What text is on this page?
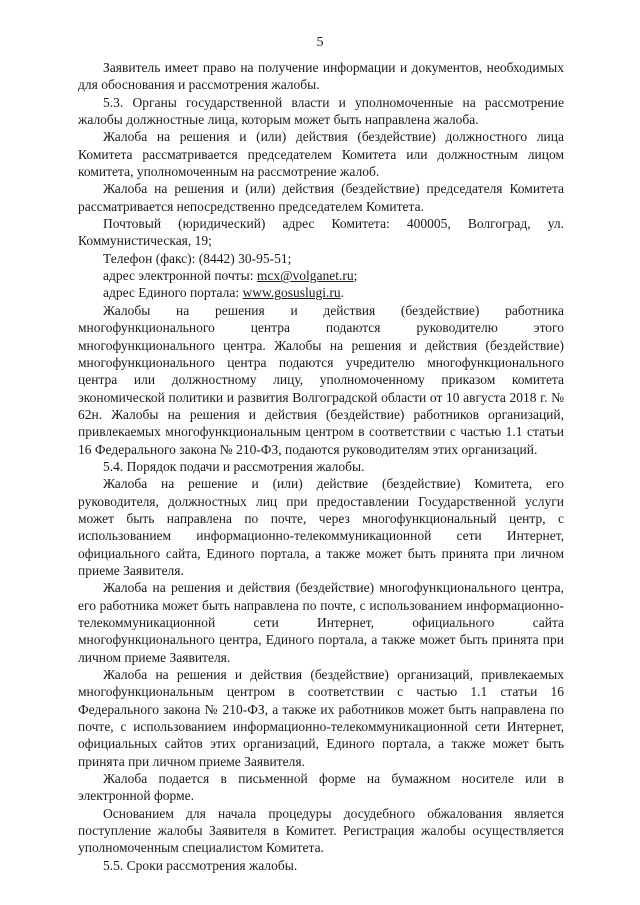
5

Заявитель имеет право на получение информации и документов, необходимых для обоснования и рассмотрения жалобы.

5.3. Органы государственной власти и уполномоченные на рассмотрение жалобы должностные лица, которым может быть направлена жалоба.

Жалоба на решения и (или) действия (бездействие) должностного лица Комитета рассматривается председателем Комитета или должностным лицом комитета, уполномоченным на рассмотрение жалоб.

Жалоба на решения и (или) действия (бездействие) председателя Комитета рассматривается непосредственно председателем Комитета.

Почтовый (юридический) адрес Комитета: 400005, Волгоград, ул. Коммунистическая, 19;

Телефон (факс): (8442) 30-95-51;

адрес электронной почты: mcx@volganet.ru;

адрес Единого портала: www.gosuslugi.ru.

Жалобы на решения и действия (бездействие) работника многофункционального центра подаются руководителю этого многофункционального центра. Жалобы на решения и действия (бездействие) многофункционального центра подаются учредителю многофункционального центра или должностному лицу, уполномоченному приказом комитета экономической политики и развития Волгоградской области от 10 августа 2018 г. № 62н. Жалобы на решения и действия (бездействие) работников организаций, привлекаемых многофункциональным центром в соответствии с частью 1.1 статьи 16 Федерального закона № 210-ФЗ, подаются руководителям этих организаций.

5.4. Порядок подачи и рассмотрения жалобы.

Жалоба на решение и (или) действие (бездействие) Комитета, его руководителя, должностных лиц при предоставлении Государственной услуги может быть направлена по почте, через многофункциональный центр, с использованием информационно-телекоммуникационной сети Интернет, официального сайта, Единого портала, а также может быть принята при личном приеме Заявителя.

Жалоба на решения и действия (бездействие) многофункционального центра, его работника может быть направлена по почте, с использованием информационно-телекоммуникационной сети Интернет, официального сайта многофункционального центра, Единого портала, а также может быть принята при личном приеме Заявителя.

Жалоба на решения и действия (бездействие) организаций, привлекаемых многофункциональным центром в соответствии с частью 1.1 статьи 16 Федерального закона № 210-ФЗ, а также их работников может быть направлена по почте, с использованием информационно-телекоммуникационной сети Интернет, официальных сайтов этих организаций, Единого портала, а также может быть принята при личном приеме Заявителя.

Жалоба подается в письменной форме на бумажном носителе или в электронной форме.

Основанием для начала процедуры досудебного обжалования является поступление жалобы Заявителя в Комитет. Регистрация жалобы осуществляется уполномоченным специалистом Комитета.

5.5. Сроки рассмотрения жалобы.
